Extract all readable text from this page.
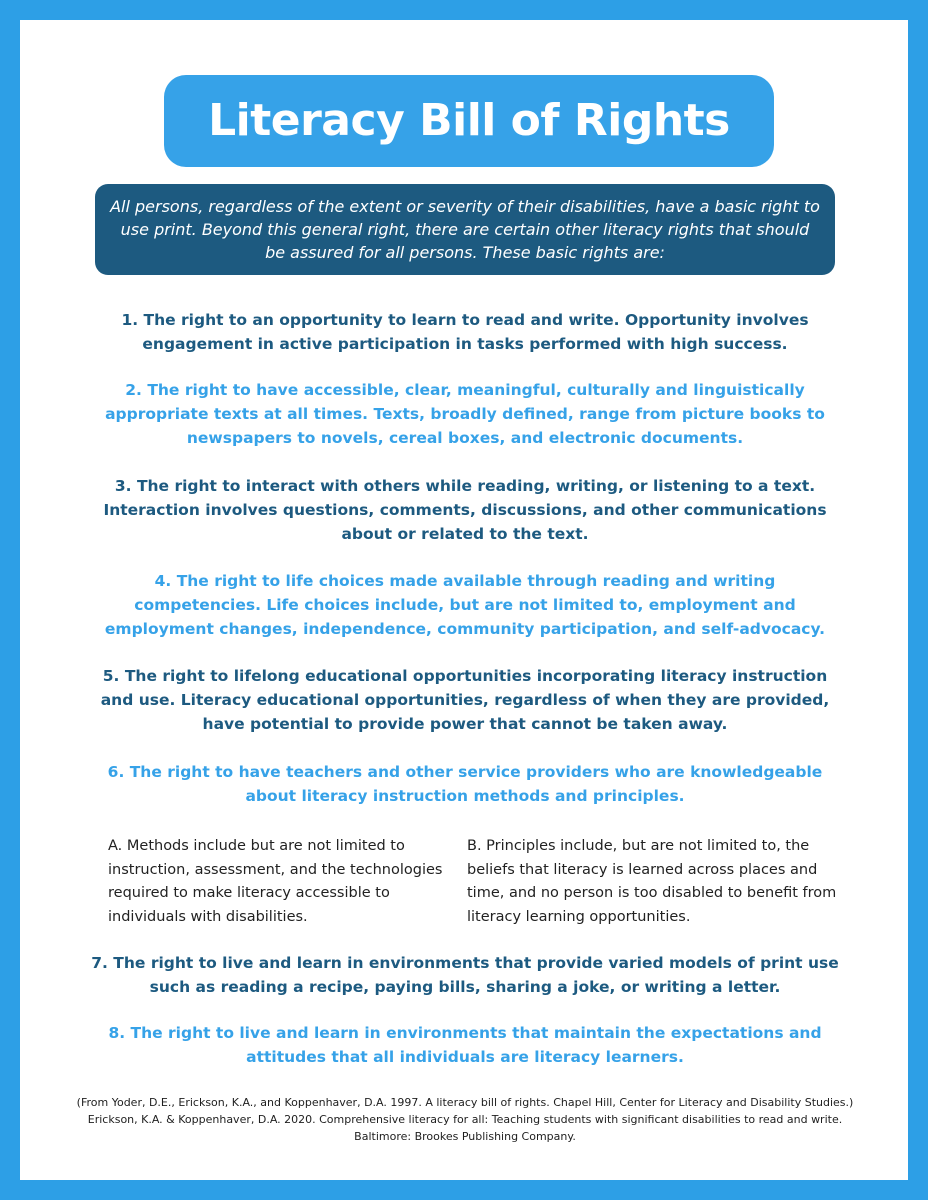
Literacy Bill of Rights
All persons, regardless of the extent or severity of their disabilities, have a basic right to use print. Beyond this general right, there are certain other literacy rights that should be assured for all persons. These basic rights are:
1. The right to an opportunity to learn to read and write. Opportunity involves engagement in active participation in tasks performed with high success.
2. The right to have accessible, clear, meaningful, culturally and linguistically appropriate texts at all times. Texts, broadly defined, range from picture books to newspapers to novels, cereal boxes, and electronic documents.
3. The right to interact with others while reading, writing, or listening to a text. Interaction involves questions, comments, discussions, and other communications about or related to the text.
4. The right to life choices made available through reading and writing competencies. Life choices include, but are not limited to, employment and employment changes, independence, community participation, and self-advocacy.
5. The right to lifelong educational opportunities incorporating literacy instruction and use. Literacy educational opportunities, regardless of when they are provided, have potential to provide power that cannot be taken away.
6. The right to have teachers and other service providers who are knowledgeable about literacy instruction methods and principles.
A. Methods include but are not limited to instruction, assessment, and the technologies required to make literacy accessible to individuals with disabilities.
B. Principles include, but are not limited to, the beliefs that literacy is learned across places and time, and no person is too disabled to benefit from literacy learning opportunities.
7. The right to live and learn in environments that provide varied models of print use such as reading a recipe, paying bills, sharing a joke, or writing a letter.
8. The right to live and learn in environments that maintain the expectations and attitudes that all individuals are literacy learners.
(From Yoder, D.E., Erickson, K.A., and Koppenhaver, D.A. 1997. A literacy bill of rights. Chapel Hill, Center for Literacy and Disability Studies.)
Erickson, K.A. & Koppenhaver, D.A. 2020. Comprehensive literacy for all: Teaching students with significant disabilities to read and write.
Baltimore: Brookes Publishing Company.
